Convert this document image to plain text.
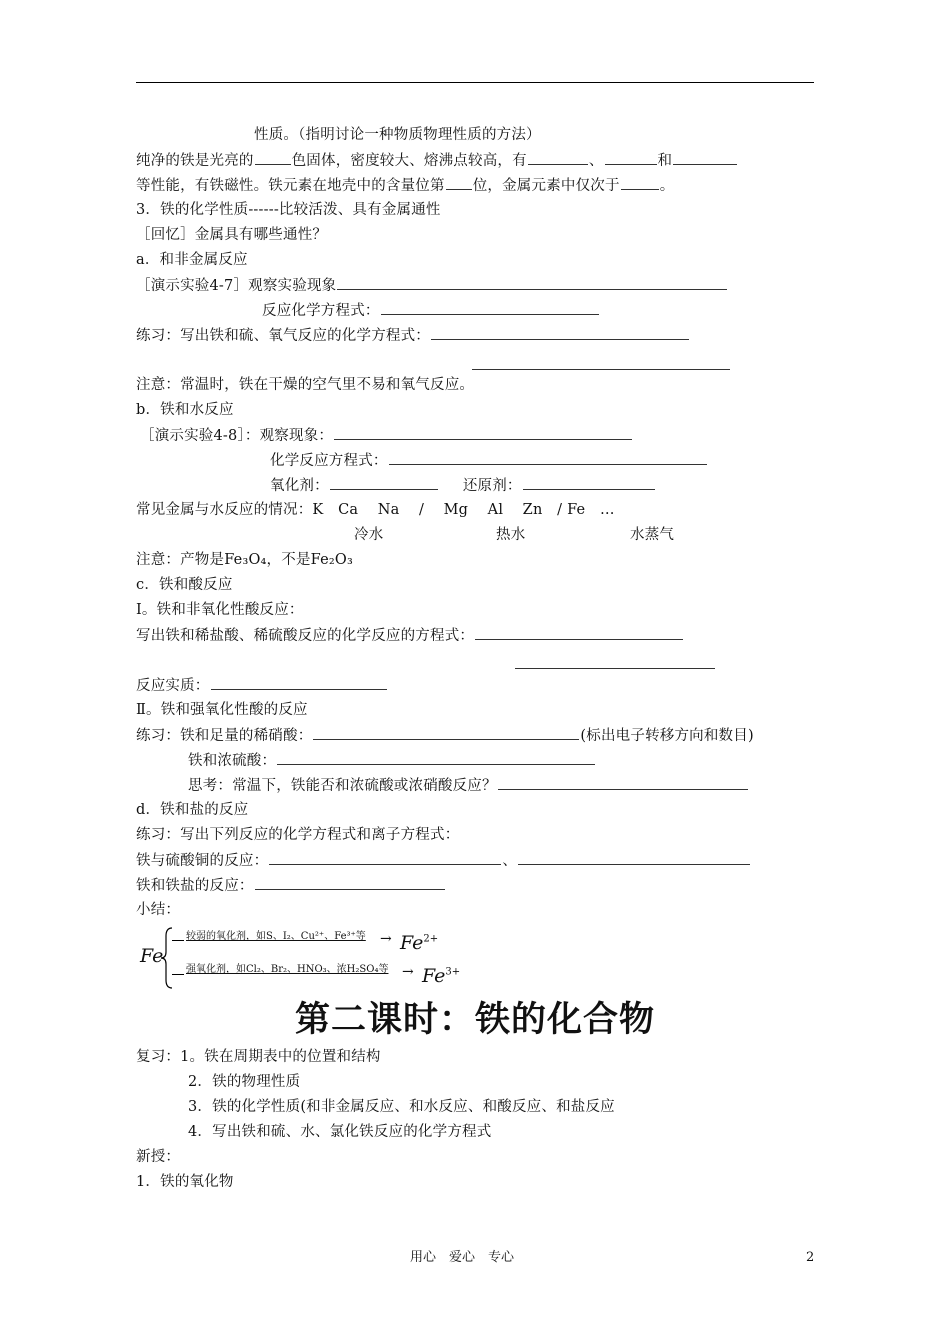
性质。（指明讨论一种物质物理性质的方法）
纯净的铁是光亮的	色固体，密度较大、熔沸点较高，有	、	和
等性能，有铁磁性。铁元素在地壳中的含量位第 位，金属元素中仅次于	。
3．铁的化学性质------比较活泼、具有金属通性
［回忆］金属具有哪些通性？
a．和非金属反应
［演示实验4-7］观察实验现象
反应化学方程式：
练习：写出铁和硫、氧气反应的化学方程式：
注意：常温时，铁在干燥的空气里不易和氧气反应。
b．铁和水反应
［演示实验4-8］：观察现象：
化学反应方程式：
氧化剂：	还原剂：
常见金属与水反应的情况：K　Ca　 Na　 /　 Mg　 Al　 Zn　/ Fe　…
冷水	热水	水蒸气
注意：产物是Fe₃O₄，不是Fe₂O₃
c．铁和酸反应
Ⅰ。铁和非氧化性酸反应：
写出铁和稀盐酸、稀硫酸反应的化学反应的方程式：
反应实质：
Ⅱ。铁和强氧化性酸的反应
练习：铁和足量的稀硝酸：	(标出电子转移方向和数目)
铁和浓硫酸：
思考：常温下，铁能否和浓硫酸或浓硝酸反应？
d．铁和盐的反应
练习：写出下列反应的化学方程式和离子方程式：
铁与硫酸铜的反应：	、
铁和铁盐的反应：
小结：
Fe
较弱的氧化剂，如S、I₂、Cu²⁺、Fe³⁺等 → $Fe^{2+}$
强氧化剂，如Cl₂、Br₂、HNO₃、浓H₂SO₄等 → $Fe^{3+}$
第二课时：铁的化合物
复习：1。铁在周期表中的位置和结构
2．铁的物理性质
3．铁的化学性质(和非金属反应、和水反应、和酸反应、和盐反应
4．写出铁和硫、水、氯化铁反应的化学方程式
新授：
1．铁的氧化物
用心　爱心　专心	2
